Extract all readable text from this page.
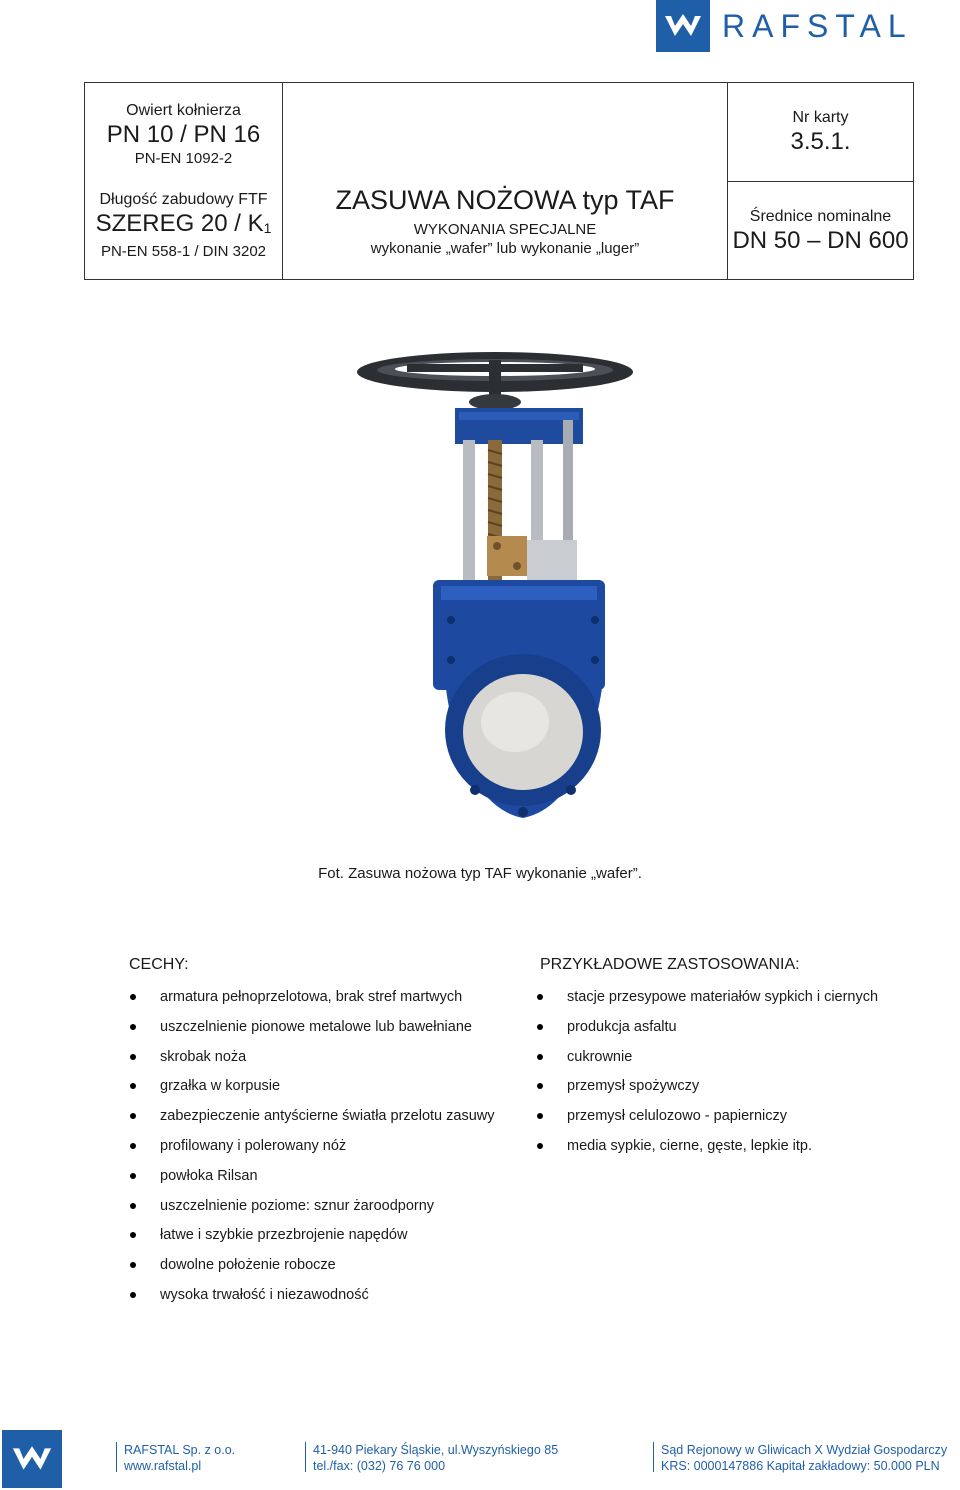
RAFSTAL
Owiert kołnierza
PN 10 / PN 16
PN-EN 1092-2
Długość zabudowy FTF
SZEREG $20 / K_1$
PN-EN 558-1 / DIN 3202
ZASUWA NOŻOWA typ TAF
WYKONANIA SPECJALNE
wykonanie „wafer” lub wykonanie „luger”
Nr karty
3.5.1.
Średnice nominalne
DN 50 – DN 600
Fot. Zasuwa nożowa typ TAF wykonanie „wafer”.
CECHY:
armatura pełnoprzelotowa, brak stref martwych
uszczelnienie pionowe metalowe lub bawełniane
skrobak noża
grzałka w korpusie
zabezpieczenie antyścierne światła przelotu zasuwy
profilowany i polerowany nóż
powłoka Rilsan
uszczelnienie poziome: sznur żaroodporny
łatwe i szybkie przezbrojenie napędów
dowolne położenie robocze
wysoka trwałość i niezawodność
PRZYKŁADOWE ZASTOSOWANIA:
stacje przesypowe materiałów sypkich i ciernych
produkcja asfaltu
cukrownie
przemysł spożywczy
przemysł celulozowo - papierniczy
media sypkie, cierne, gęste, lepkie itp.
RAFSTAL Sp. z o.o.
www.rafstal.pl
41-940 Piekary Śląskie, ul.Wyszyńskiego 85
tel./fax: (032) 76 76 000
Sąd Rejonowy w Gliwicach X Wydział Gospodarczy
KRS: 0000147886 Kapitał zakładowy: 50.000 PLN
